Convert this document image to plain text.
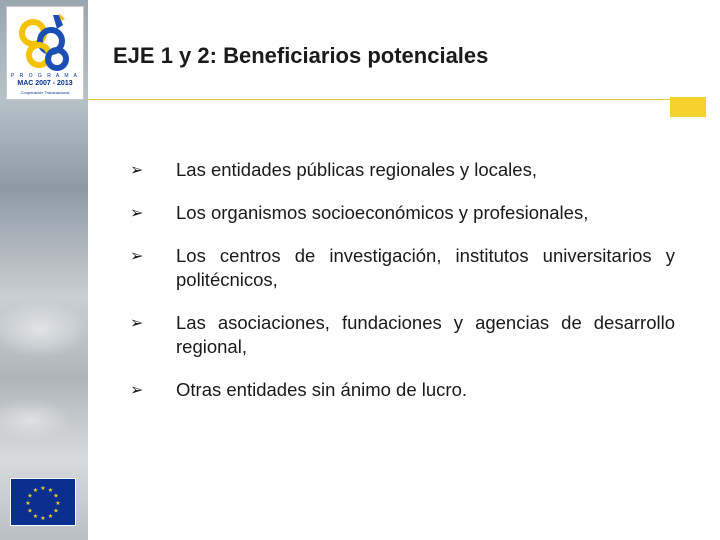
P R O G R A M A
MAC 2007 - 2013
Cooperación Transnacional
★ ★
★
★
★
★
★
★
★
★
★
★
EJE 1 y 2: Beneficiarios potenciales
➢ Las entidades públicas regionales y locales,
➢ Los organismos socioeconómicos y profesionales,
➢ Los centros de investigación, institutos universitarios y politécnicos,
➢ Las asociaciones, fundaciones y agencias de desarrollo regional,
➢ Otras entidades sin ánimo de lucro.
